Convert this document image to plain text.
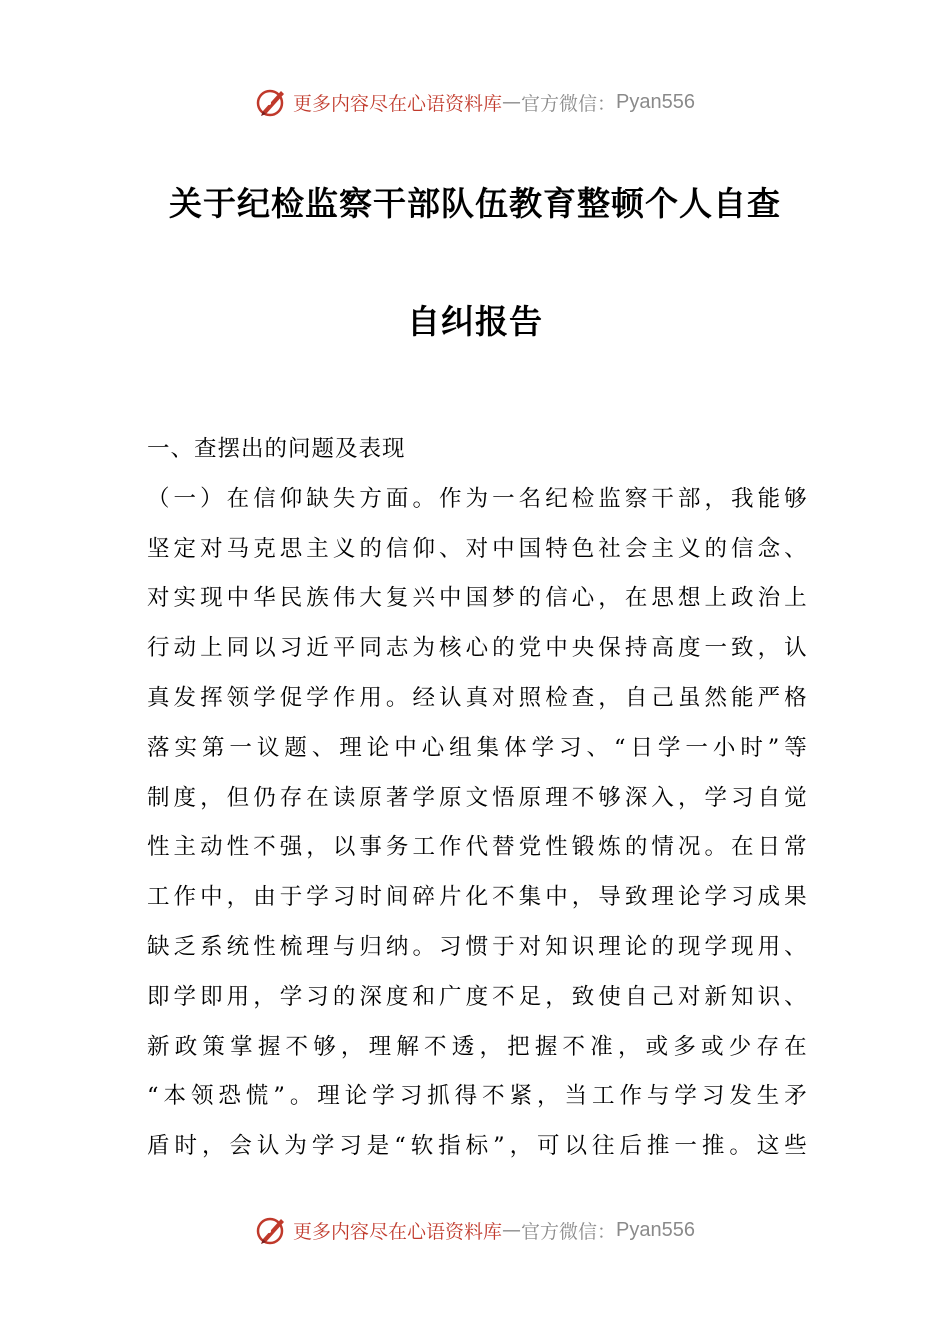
更多内容尽在心语资料库 — 官方微信： Pyan556
关于纪检监察干部队伍教育整顿个人自查
自纠报告
一、查摆出的问题及表现
（ 一 ） 在 信 仰 缺 失 方 面 。 作 为 一 名 纪 检 监 察 干 部 ， 我 能 够
坚 定 对 马 克 思 主 义 的 信 仰 、 对 中 国 特 色 社 会 主 义 的 信 念 、
对 实 现 中 华 民 族 伟 大 复 兴 中 国 梦 的 信 心 ， 在 思 想 上 政 治 上
行 动 上 同 以 习 近 平 同 志 为 核 心 的 党 中 央 保 持 高 度 一 致 ， 认
真 发 挥 领 学 促 学 作 用 。 经 认 真 对 照 检 查 ， 自 己 虽 然 能 严 格
落 实 第 一 议 题 、 理 论 中 心 组 集 体 学 习 、 “ 日 学 一 小 时 ” 等
制 度 ， 但 仍 存 在 读 原 著 学 原 文 悟 原 理 不 够 深 入 ， 学 习 自 觉
性 主 动 性 不 强 ， 以 事 务 工 作 代 替 党 性 锻 炼 的 情 况 。 在 日 常
工 作 中 ， 由 于 学 习 时 间 碎 片 化 不 集 中 ， 导 致 理 论 学 习 成 果
缺 乏 系 统 性 梳 理 与 归 纳 。 习 惯 于 对 知 识 理 论 的 现 学 现 用 、
即 学 即 用 ， 学 习 的 深 度 和 广 度 不 足 ， 致 使 自 己 对 新 知 识 、
新 政 策 掌 握 不 够 ， 理 解 不 透 ， 把 握 不 准 ， 或 多 或 少 存 在
“ 本 领 恐 慌 ” 。 理 论 学 习 抓 得 不 紧 ， 当 工 作 与 学 习 发 生 矛
盾 时 ， 会 认 为 学 习 是 “ 软 指 标 ” ， 可 以 往 后 推 一 推 。 这 些
更多内容尽在心语资料库 — 官方微信： Pyan556
